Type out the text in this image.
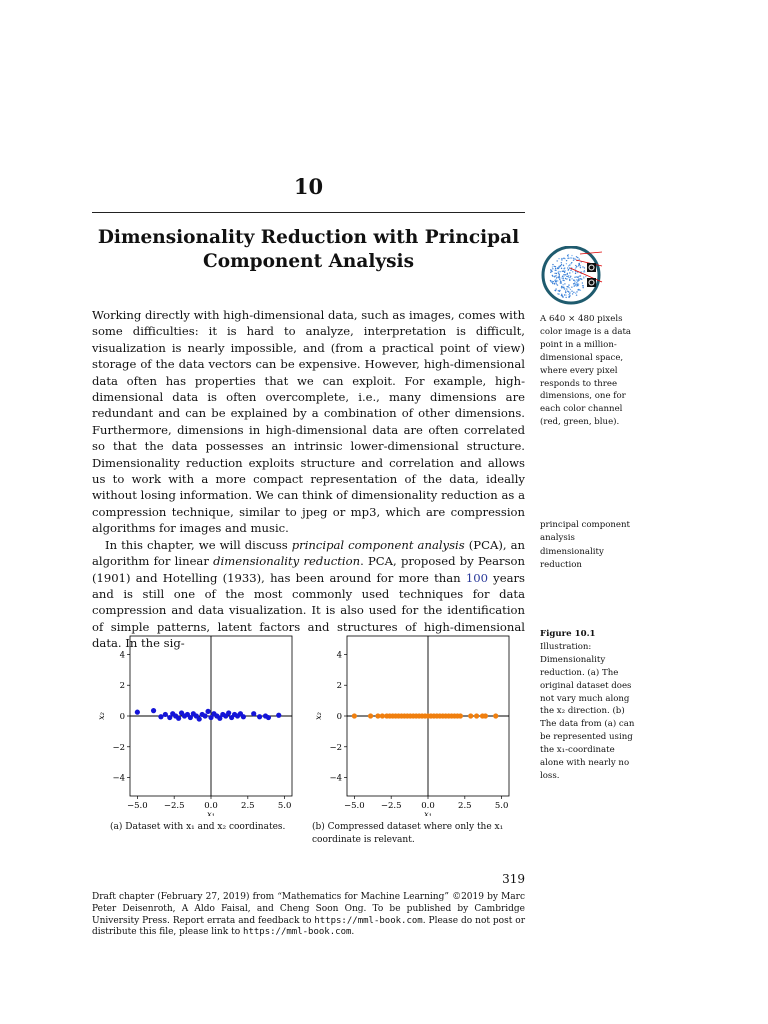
10
Dimensionality Reduction with Principal Component Analysis

Working directly with high-dimensional data, such as images, comes with some difficulties: it is hard to analyze, interpretation is difficult, visualization is nearly impossible, and (from a practical point of view) storage of the data vectors can be expensive. However, high-dimensional data often has properties that we can exploit. For example, high-dimensional data is often overcomplete, i.e., many dimensions are redundant and can be explained by a combination of other dimensions. Furthermore, dimensions in high-dimensional data are often correlated so that the data possesses an intrinsic lower-dimensional structure. Dimensionality reduction exploits structure and correlation and allows us to work with a more compact representation of the data, ideally without losing information. We can think of dimensionality reduction as a compression technique, similar to jpeg or mp3, which are compression algorithms for images and music.

In this chapter, we will discuss principal component analysis (PCA), an algorithm for linear dimensionality reduction. PCA, proposed by Pearson (1901) and Hotelling (1933), has been around for more than 100 years and is still one of the most commonly used techniques for data compression and data visualization. It is also used for the identification of simple patterns, latent factors and structures of high-dimensional data. In the sig-

A 640 × 480 pixels color image is a data point in a million-dimensional space, where every pixel responds to three dimensions, one for each color channel (red, green, blue).
principal component analysis
dimensionality reduction
−5.0 −2.5 0.0	2.5	5.0
4
2
0
−2
−4
x₁
x₂
−5.0 −2.5 0.0	2.5	5.0
4
2
0
−2
−4
x₁
x₂
(a) Dataset with x₁ and x₂ coordinates.	(b) Compressed dataset where only the x₁ coordinate is relevant.
Figure 10.1
Illustration: Dimensionality reduction. (a) The original dataset does not vary much along the x₂ direction. (b) The data from (a) can be represented using the x₁-coordinate alone with nearly no loss.
319
Draft chapter (February 27, 2019) from “Mathematics for Machine Learning” ©2019 by Marc Peter Deisenroth, A Aldo Faisal, and Cheng Soon Ong. To be published by Cambridge University Press. Report errata and feedback to https://mml-book.com. Please do not post or distribute this file, please link to https://mml-book.com.
